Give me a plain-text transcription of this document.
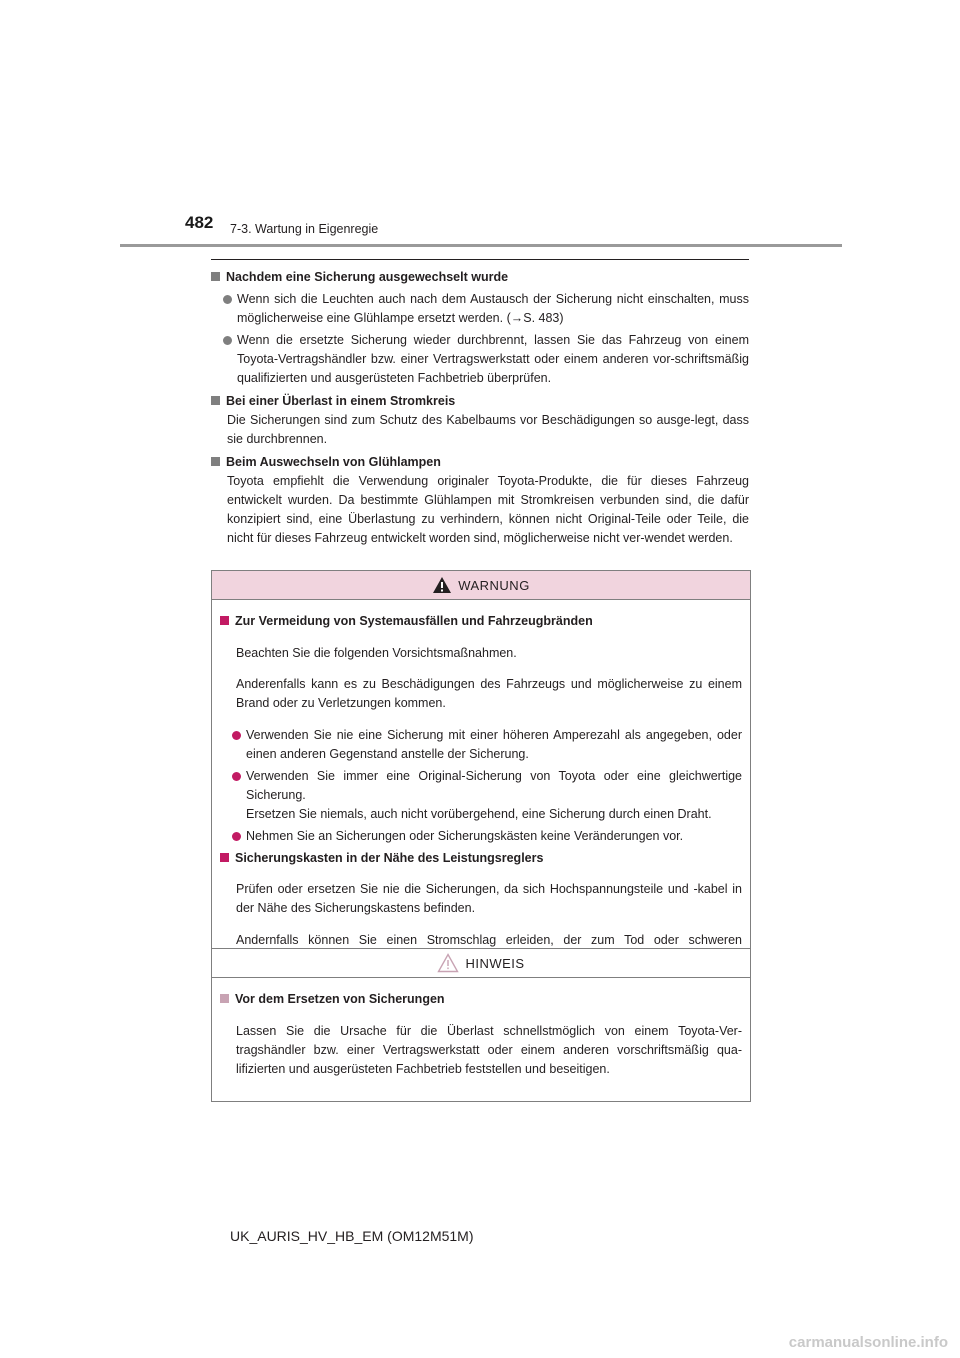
482 7-3. Wartung in Eigenregie

Nachdem eine Sicherung ausgewechselt wurde

Wenn sich die Leuchten auch nach dem Austausch der Sicherung nicht einschalten, muss möglicherweise eine Glühlampe ersetzt werden. (→S. 483)
Wenn die ersetzte Sicherung wieder durchbrennt, lassen Sie das Fahrzeug von einem Toyota-Vertragshändler bzw. einer Vertragswerkstatt oder einem anderen vor-schriftsmäßig qualifizierten und ausgerüsteten Fachbetrieb überprüfen.

Bei einer Überlast in einem Stromkreis

Die Sicherungen sind zum Schutz des Kabelbaums vor Beschädigungen so ausge-legt, dass sie durchbrennen.

Beim Auswechseln von Glühlampen

Toyota empfiehlt die Verwendung originaler Toyota-Produkte, die für dieses Fahrzeug entwickelt wurden. Da bestimmte Glühlampen mit Stromkreisen verbunden sind, die dafür konzipiert sind, eine Überlastung zu verhindern, können nicht Original-Teile oder Teile, die nicht für dieses Fahrzeug entwickelt worden sind, möglicherweise nicht ver-wendet werden.

WARNUNG

Zur Vermeidung von Systemausfällen und Fahrzeugbränden

Beachten Sie die folgenden Vorsichtsmaßnahmen.

Anderenfalls kann es zu Beschädigungen des Fahrzeugs und möglicherweise zu einem Brand oder zu Verletzungen kommen.

Verwenden Sie nie eine Sicherung mit einer höheren Amperezahl als angegeben, oder einen anderen Gegenstand anstelle der Sicherung.
Verwenden Sie immer eine Original-Sicherung von Toyota oder eine gleichwertige Sicherung.
Ersetzen Sie niemals, auch nicht vorübergehend, eine Sicherung durch einen Draht.
Nehmen Sie an Sicherungen oder Sicherungskästen keine Veränderungen vor.

Sicherungskasten in der Nähe des Leistungsreglers

Prüfen oder ersetzen Sie nie die Sicherungen, da sich Hochspannungsteile und -kabel in der Nähe des Sicherungskastens befinden.

Andernfalls können Sie einen Stromschlag erleiden, der zum Tod oder schweren

HINWEIS

Vor dem Ersetzen von Sicherungen

Lassen Sie die Ursache für die Überlast schnellstmöglich von einem Toyota-Ver-tragshändler bzw. einer Vertragswerkstatt oder einem anderen vorschriftsmäßig qua-lifizierten und ausgerüsteten Fachbetrieb feststellen und beseitigen.

UK_AURIS_HV_HB_EM (OM12M51M)
carmanualsonline.info
